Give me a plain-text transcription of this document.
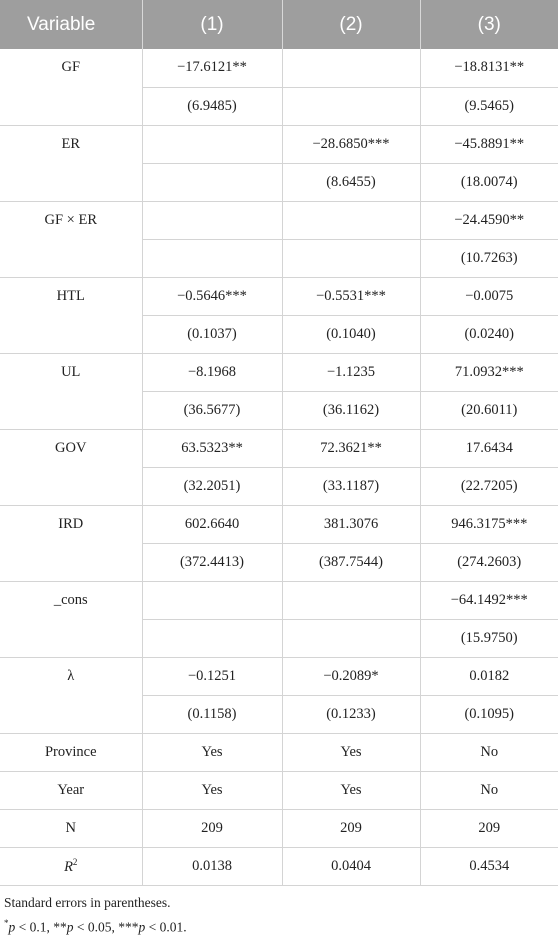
Variable	(1)	(2)	(3)
GF	−17.6121**		−18.8131**
	(6.9485)		(9.5465)
ER		−28.6850***	−45.8891**
		(8.6455)	(18.0074)
GF × ER			−24.4590**
			(10.7263)
HTL	−0.5646***	−0.5531***	−0.0075
	(0.1037)	(0.1040)	(0.0240)
UL	−8.1968	−1.1235	71.0932***
	(36.5677)	(36.1162)	(20.6011)
GOV	63.5323**	72.3621**	17.6434
	(32.2051)	(33.1187)	(22.7205)
IRD	602.6640	381.3076	946.3175***
	(372.4413)	(387.7544)	(274.2603)
_cons			−64.1492***
			(15.9750)
λ	−0.1251	−0.2089*	0.0182
	(0.1158)	(0.1233)	(0.1095)
Province	Yes	Yes	No
Year	Yes	Yes	No
N	209	209	209
$R^2$	0.0138	0.0404	0.4534
Standard errors in parentheses.
*p < 0.1, **p < 0.05, ***p < 0.01.
